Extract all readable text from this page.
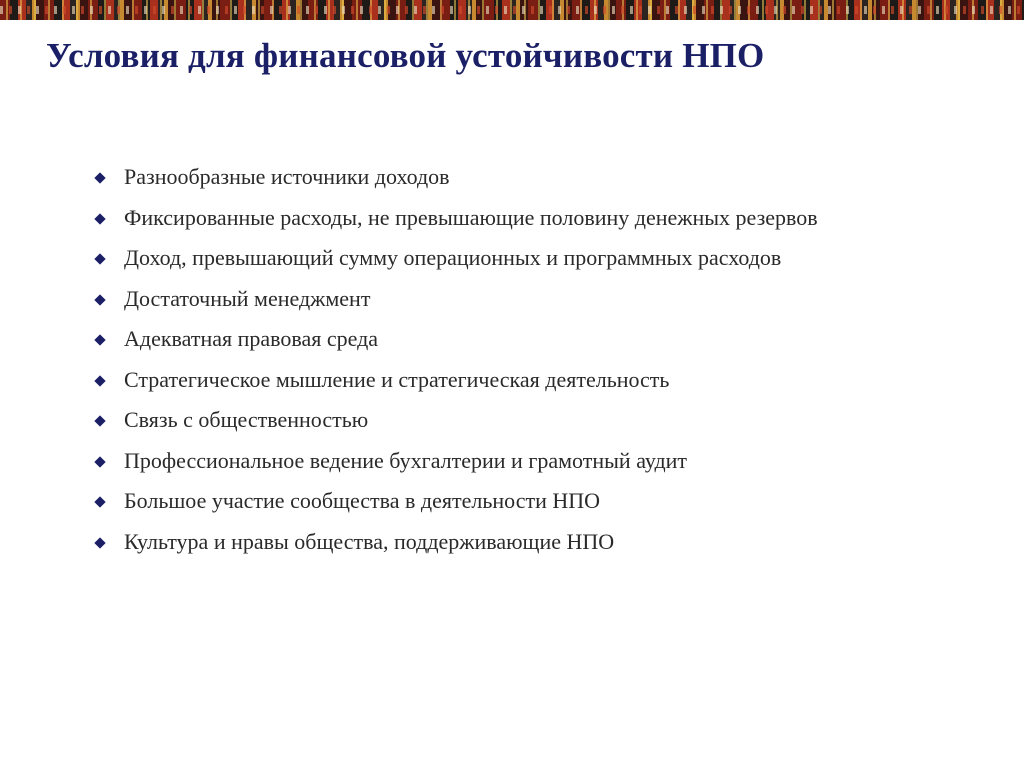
Условия для финансовой устойчивости НПО
Разнообразные источники доходов
Фиксированные расходы, не превышающие половину денежных резервов
Доход, превышающий сумму операционных и программных расходов
Достаточный менеджмент
Адекватная правовая среда
Стратегическое мышление и стратегическая деятельность
Связь с общественностью
Профессиональное ведение бухгалтерии и грамотный аудит
Большое участие сообщества в деятельности НПО
Культура и нравы общества, поддерживающие НПО
